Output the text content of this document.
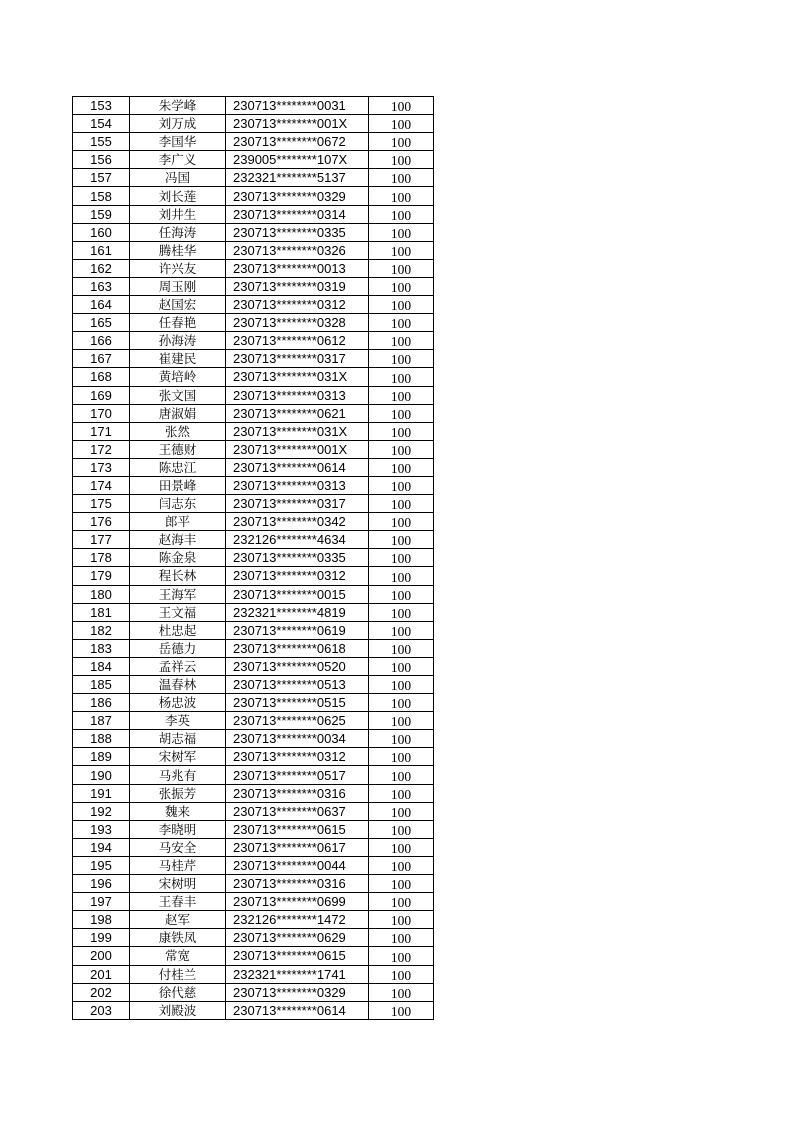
153	朱学峰	230713********0031	100
154	刘万成	230713********001X	100
155	李国华	230713********0672	100
156	李广义	239005********107X	100
157	冯国	232321********5137	100
158	刘长莲	230713********0329	100
159	刘井生	230713********0314	100
160	任海涛	230713********0335	100
161	腾桂华	230713********0326	100
162	许兴友	230713********0013	100
163	周玉刚	230713********0319	100
164	赵国宏	230713********0312	100
165	任春艳	230713********0328	100
166	孙海涛	230713********0612	100
167	崔建民	230713********0317	100
168	黄培岭	230713********031X	100
169	张文国	230713********0313	100
170	唐淑娟	230713********0621	100
171	张然	230713********031X	100
172	王德财	230713********001X	100
173	陈忠江	230713********0614	100
174	田景峰	230713********0313	100
175	闫志东	230713********0317	100
176	郎平	230713********0342	100
177	赵海丰	232126********4634	100
178	陈金泉	230713********0335	100
179	程长林	230713********0312	100
180	王海军	230713********0015	100
181	王文福	232321********4819	100
182	杜忠起	230713********0619	100
183	岳德力	230713********0618	100
184	孟祥云	230713********0520	100
185	温春林	230713********0513	100
186	杨忠波	230713********0515	100
187	李英	230713********0625	100
188	胡志福	230713********0034	100
189	宋树军	230713********0312	100
190	马兆有	230713********0517	100
191	张振芳	230713********0316	100
192	魏来	230713********0637	100
193	李晓明	230713********0615	100
194	马安全	230713********0617	100
195	马桂芹	230713********0044	100
196	宋树明	230713********0316	100
197	王春丰	230713********0699	100
198	赵军	232126********1472	100
199	康铁凤	230713********0629	100
200	常宽	230713********0615	100
201	付桂兰	232321********1741	100
202	徐代慈	230713********0329	100
203	刘殿波	230713********0614	100
